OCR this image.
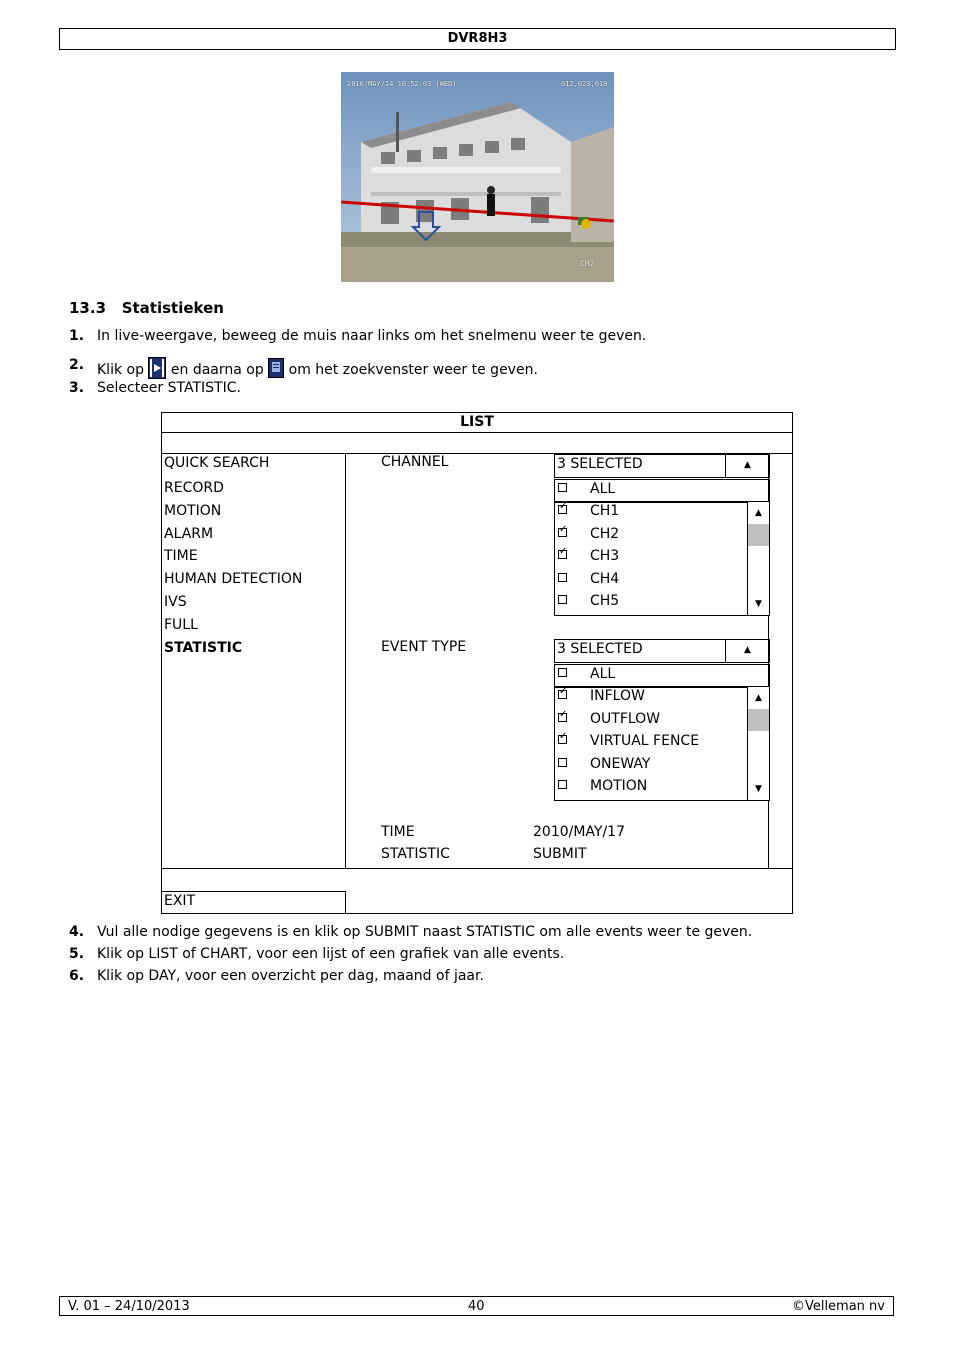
DVR8H3
2010/MAY/14 10:52:03 (WED)	012,023,018
CH2
13.3 Statistieken
1. In live-weergave, beweeg de muis naar links om het snelmenu weer te geven.
2. Klik op en daarna op om het zoekvenster weer te geven.
3. Selecteer STATISTIC.
LIST
QUICK SEARCH
RECORD
MOTION
ALARM
TIME
HUMAN DETECTION
IVS
FULL
STATISTIC
CHANNEL	3 SELECTED	▲
ALL
✓
CH1
✓
CH2
✓
CH3
CH4
CH5
▲
▼
EVENT TYPE	3 SELECTED	▲
ALL
✓
INFLOW
✓
OUTFLOW
✓
VIRTUAL FENCE
ONEWAY
MOTION
▲
▼
TIME	2010/MAY/17
STATISTIC	SUBMIT
EXIT
4. Vul alle nodige gegevens is en klik op SUBMIT naast STATISTIC om alle events weer te geven.
5. Klik op LIST of CHART, voor een lijst of een grafiek van alle events.
6. Klik op DAY, voor een overzicht per dag, maand of jaar.
V. 01 – 24/10/2013	40	©Velleman nv
